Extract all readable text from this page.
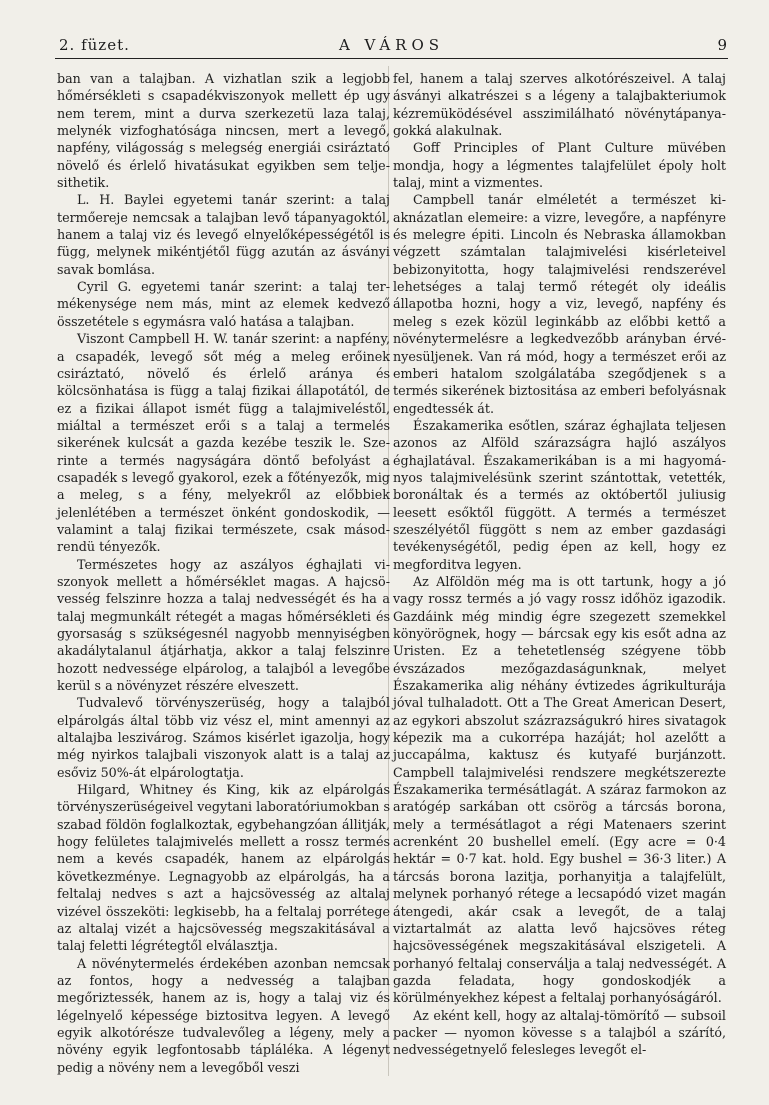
2. füzet.	A VÁROS	9

ban van a talajban. A vizhatlan szik a legjobb hőmérsékleti s csapadékviszonyok mellett ép ugy nem terem, mint a durva szerkezetü laza talaj, melynék vizfoghatósága nincsen, mert a levegő, napfény, világosság s melegség energiái csiráztató növelő és érlelő hivatásukat egyikben sem teljesithetik.

L. H. Baylei egyetemi tanár szerint: a talaj termőereje nemcsak a talajban levő tápanyagoktól, hanem a talaj viz és levegő elnyelőképességétől is függ, melynek mikéntjétől függ azután az ásványi savak bomlása.

Cyril G. egyetemi tanár szerint: a talaj termékenysége nem más, mint az elemek kedvező összetétele s egymásra való hatása a talajban.

Viszont Campbell H. W. tanár szerint: a napfény, a csapadék, levegő sőt még a meleg erőinek csiráztató, növelő és érlelő aránya és kölcsönhatása is függ a talaj fizikai állapotától, de ez a fizikai állapot ismét függ a talajmiveléstől, miáltal a természet erői s a talaj a termelés sikerének kulcsát a gazda kezébe teszik le. Szerinte a termés nagyságára döntő befolyást a csapadék s levegő gyakorol, ezek a főtényezők, mig a meleg, s a fény, melyekről az előbbiek jelenlétében a természet önként gondoskodik, — valamint a talaj fizikai természete, csak másodrendü tényezők.

Természetes hogy az aszályos éghajlati viszonyok mellett a hőmérséklet magas. A hajcsövesség felszinre hozza a talaj nedvességét és ha a talaj megmunkált rétegét a magas hőmérsékleti és gyorsaság s szükségesnél nagyobb mennyiségben akadálytalanul átjárhatja, akkor a talaj felszinre hozott nedvessége elpárolog, a talajból a levegőbe kerül s a növényzet részére elveszett.

Tudvalevő törvényszerüség, hogy a talajból elpárolgás által több viz vész el, mint amennyi az altalajba leszivárog. Számos kisérlet igazolja, hogy még nyirkos talajbali viszonyok alatt is a talaj az esőviz 50%-át elpárologtatja.

Hilgard, Whitney és King, kik az elpárolgás törvényszerüségeivel vegytani laboratóriumokban s szabad földön foglalkoztak, egybehangzóan állitják, hogy felületes talajmivelés mellett a rossz termés nem a kevés csapadék, hanem az elpárolgás következménye. Legnagyobb az elpárolgás, ha a feltalaj nedves s azt a hajcsövesség az altalaj vizével összeköti: legkisebb, ha a feltalaj porrétege az altalaj vizét a hajcsövesség megszakitásával a talaj feletti légrétegtől elválasztja.

A növénytermelés érdekében azonban nemcsak az fontos, hogy a nedvesség a talajban megőriztessék, hanem az is, hogy a talaj viz és légelnyelő képessége biztositva legyen. A levegő egyik alkotórésze tudvalevőleg a légeny, mely a növény egyik legfontosabb tápláléka. A légenyt pedig a növény nem a levegőből veszi

fel, hanem a talaj szerves alkotórészeivel. A talaj ásványi alkatrészei s a légeny a talajbakteriumok kézremüködésével asszimilálható növénytápanyagokká alakulnak.

Goff Principles of Plant Culture müvében mondja, hogy a légmentes talajfelület époly holt talaj, mint a vizmentes.

Campbell tanár elméletét a természet kiaknázatlan elemeire: a vizre, levegőre, a napfényre és melegre épiti. Lincoln és Nebraska államokban végzett számtalan talajmivelési kisérleteivel bebizonyitotta, hogy talajmivelési rendszerével lehetséges a talaj termő rétegét oly ideális állapotba hozni, hogy a viz, levegő, napfény és meleg s ezek közül leginkább az előbbi kettő a növénytermelésre a legkedvezőbb arányban érvényesüljenek. Van rá mód, hogy a természet erői az emberi hatalom szolgálatába szegődjenek s a termés sikerének biztositása az emberi befolyásnak engedtessék át.

Északamerika esőtlen, száraz éghajlata teljesen azonos az Alföld szárazságra hajló aszályos éghajlatával. Északamerikában is a mi hagyományos talajmivelésünk szerint szántottak, vetették, boronáltak és a termés az októbertől juliusig leesett esőktől függött. A termés a természet szeszélyétől függött s nem az ember gazdasági tevékenységétől, pedig épen az kell, hogy ez megforditva legyen.

Az Alföldön még ma is ott tartunk, hogy a jó vagy rossz termés a jó vagy rossz időhöz igazodik. Gazdáink még mindig égre szegezett szemekkel könyörögnek, hogy — bárcsak egy kis esőt adna az Uristen. Ez a tehetetlenség szégyene több évszázados mezőgazdaságunknak, melyet Északamerika alig néhány évtizedes ágrikulturája jóval tulhaladott. Ott a The Great American Desert, az egykori abszolut százrazságukró hires sivatagok képezik ma a cukorrépa hazáját; hol azelőtt a juccapálma, kaktusz és kutyafé burjánzott. Campbell talajmivelési rendszere megkétszerezte Északamerika termésátlagát. A száraz farmokon az aratógép sarkában ott csörög a tárcsás borona, mely a termésátlagot a régi Matenaers szerint acrenként 20 bushellel emelí. (Egy acre = 0·4 hektár = 0·7 kat. hold. Egy bushel = 36·3 liter.) A tárcsás borona lazitja, porhanyitja a talajfelült, melynek porhanyó rétege a lecsapódó vizet magán átengedi, akár csak a levegőt, de a talaj viztartalmát az alatta levő hajcsöves réteg hajcsövességének megszakitásával elszigeteli. A porhanyó feltalaj conserválja a talaj nedvességét. A gazda feladata, hogy gondoskodjék a körülményekhez képest a feltalaj porhanyóságáról.

Az eként kell, hogy az altalaj-tömörítő — subsoil packer — nyomon kövesse s a talajból a szárító, nedvességetnyelő felesleges levegőt el-
